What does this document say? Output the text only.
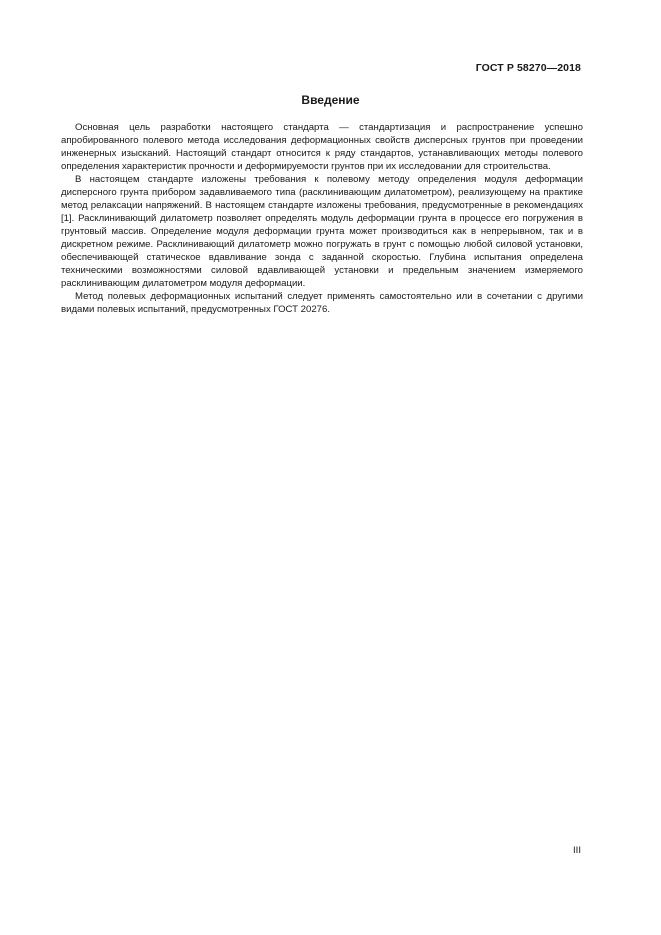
ГОСТ Р 58270—2018
Введение

Основная цель разработки настоящего стандарта — стандартизация и распространение успешно апробированного полевого метода исследования деформационных свойств дисперсных грунтов при проведении инженерных изысканий. Настоящий стандарт относится к ряду стандартов, устанавливающих методы полевого определения характеристик прочности и деформируемости грунтов при их исследовании для строительства.

В настоящем стандарте изложены требования к полевому методу определения модуля деформации дисперсного грунта прибором задавливаемого типа (расклинивающим дилатометром), реализующему на практике метод релаксации напряжений. В настоящем стандарте изложены требования, предусмотренные в рекомендациях [1]. Расклинивающий дилатометр позволяет определять модуль деформации грунта в процессе его погружения в грунтовый массив. Определение модуля деформации грунта может производиться как в непрерывном, так и в дискретном режиме. Расклинивающий дилатометр можно погружать в грунт с помощью любой силовой установки, обеспечивающей статическое вдавливание зонда с заданной скоростью. Глубина испытания определена техническими возможностями силовой вдавливающей установки и предельным значением измеряемого расклинивающим дилатометром модуля деформации.

Метод полевых деформационных испытаний следует применять самостоятельно или в сочетании с другими видами полевых испытаний, предусмотренных ГОСТ 20276.

III
